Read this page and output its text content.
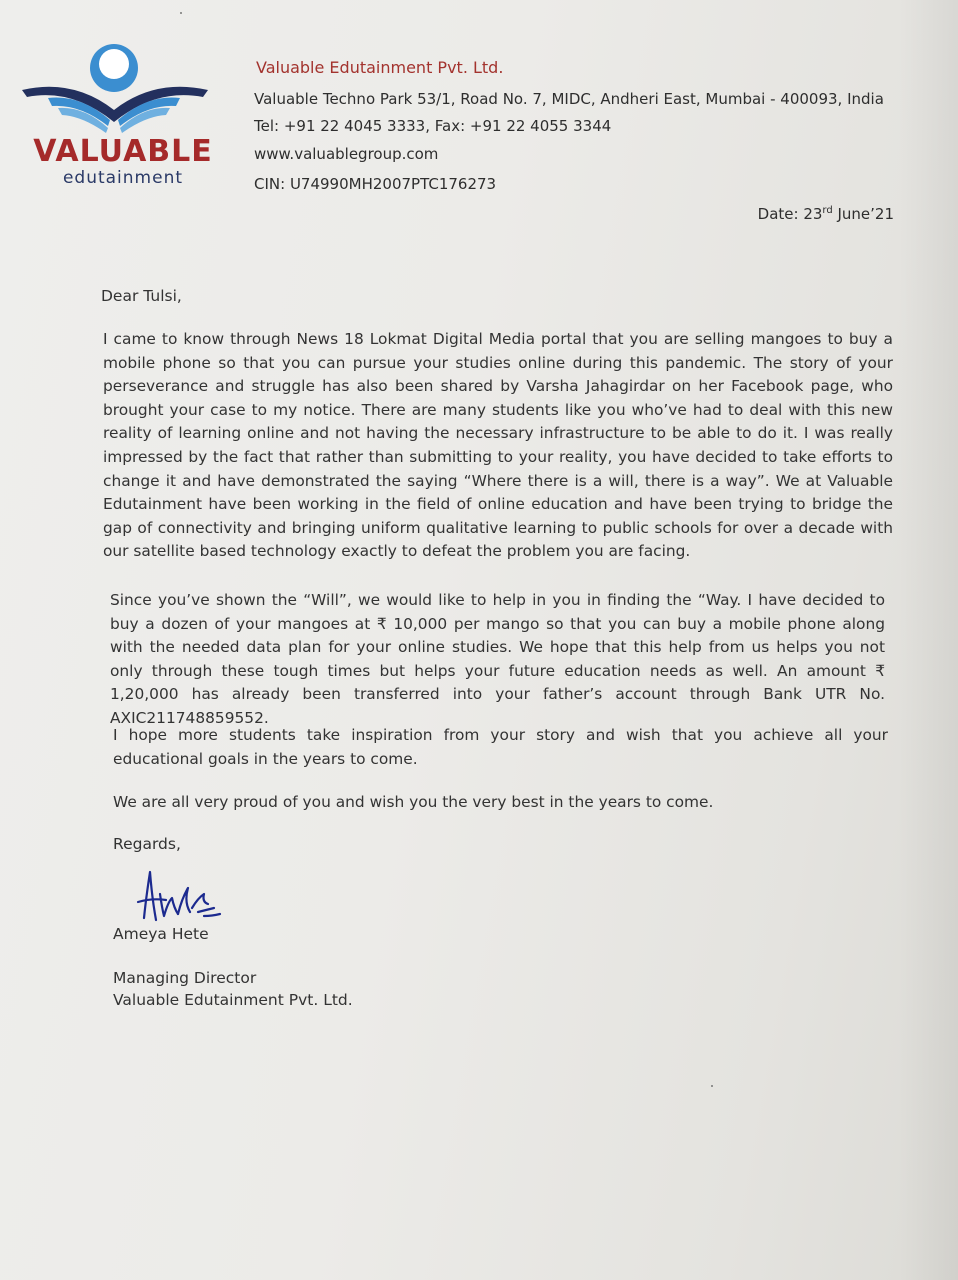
VALUABLE
edutainment
Valuable Edutainment Pvt. Ltd.
Valuable Techno Park 53/1, Road No. 7, MIDC, Andheri East, Mumbai - 400093, India
Tel: +91 22 4045 3333, Fax: +91 22 4055 3344
www.valuablegroup.com
CIN: U74990MH2007PTC176273
Date: 23rd June’21
Dear Tulsi,
I came to know through News 18 Lokmat Digital Media portal that you are selling mangoes to buy a mobile phone so that you can pursue your studies online during this pandemic. The story of your perseverance and struggle has also been shared by Varsha Jahagirdar on her Facebook page, who brought your case to my notice. There are many students like you who’ve had to deal with this new reality of learning online and not having the necessary infrastructure to be able to do it. I was really impressed by the fact that rather than submitting to your reality, you have decided to take efforts to change it and have demonstrated the saying “Where there is a will, there is a way”. We at Valuable Edutainment have been working in the field of online education and have been trying to bridge the gap of connectivity and bringing uniform qualitative learning to public schools for over a decade with our satellite based technology exactly to defeat the problem you are facing.
Since you’ve shown the “Will”, we would like to help in you in finding the “Way. I have decided to buy a dozen of your mangoes at ₹ 10,000 per mango so that you can buy a mobile phone along with the needed data plan for your online studies. We hope that this help from us helps you not only through these tough times but helps your future education needs as well. An amount ₹ 1,20,000 has already been transferred into your father’s account through Bank UTR No. AXIC211748859552.
I hope more students take inspiration from your story and wish that you achieve all your educational goals in the years to come.
We are all very proud of you and wish you the very best in the years to come.
Regards,
Ameya Hete
Managing Director
Valuable Edutainment Pvt. Ltd.
